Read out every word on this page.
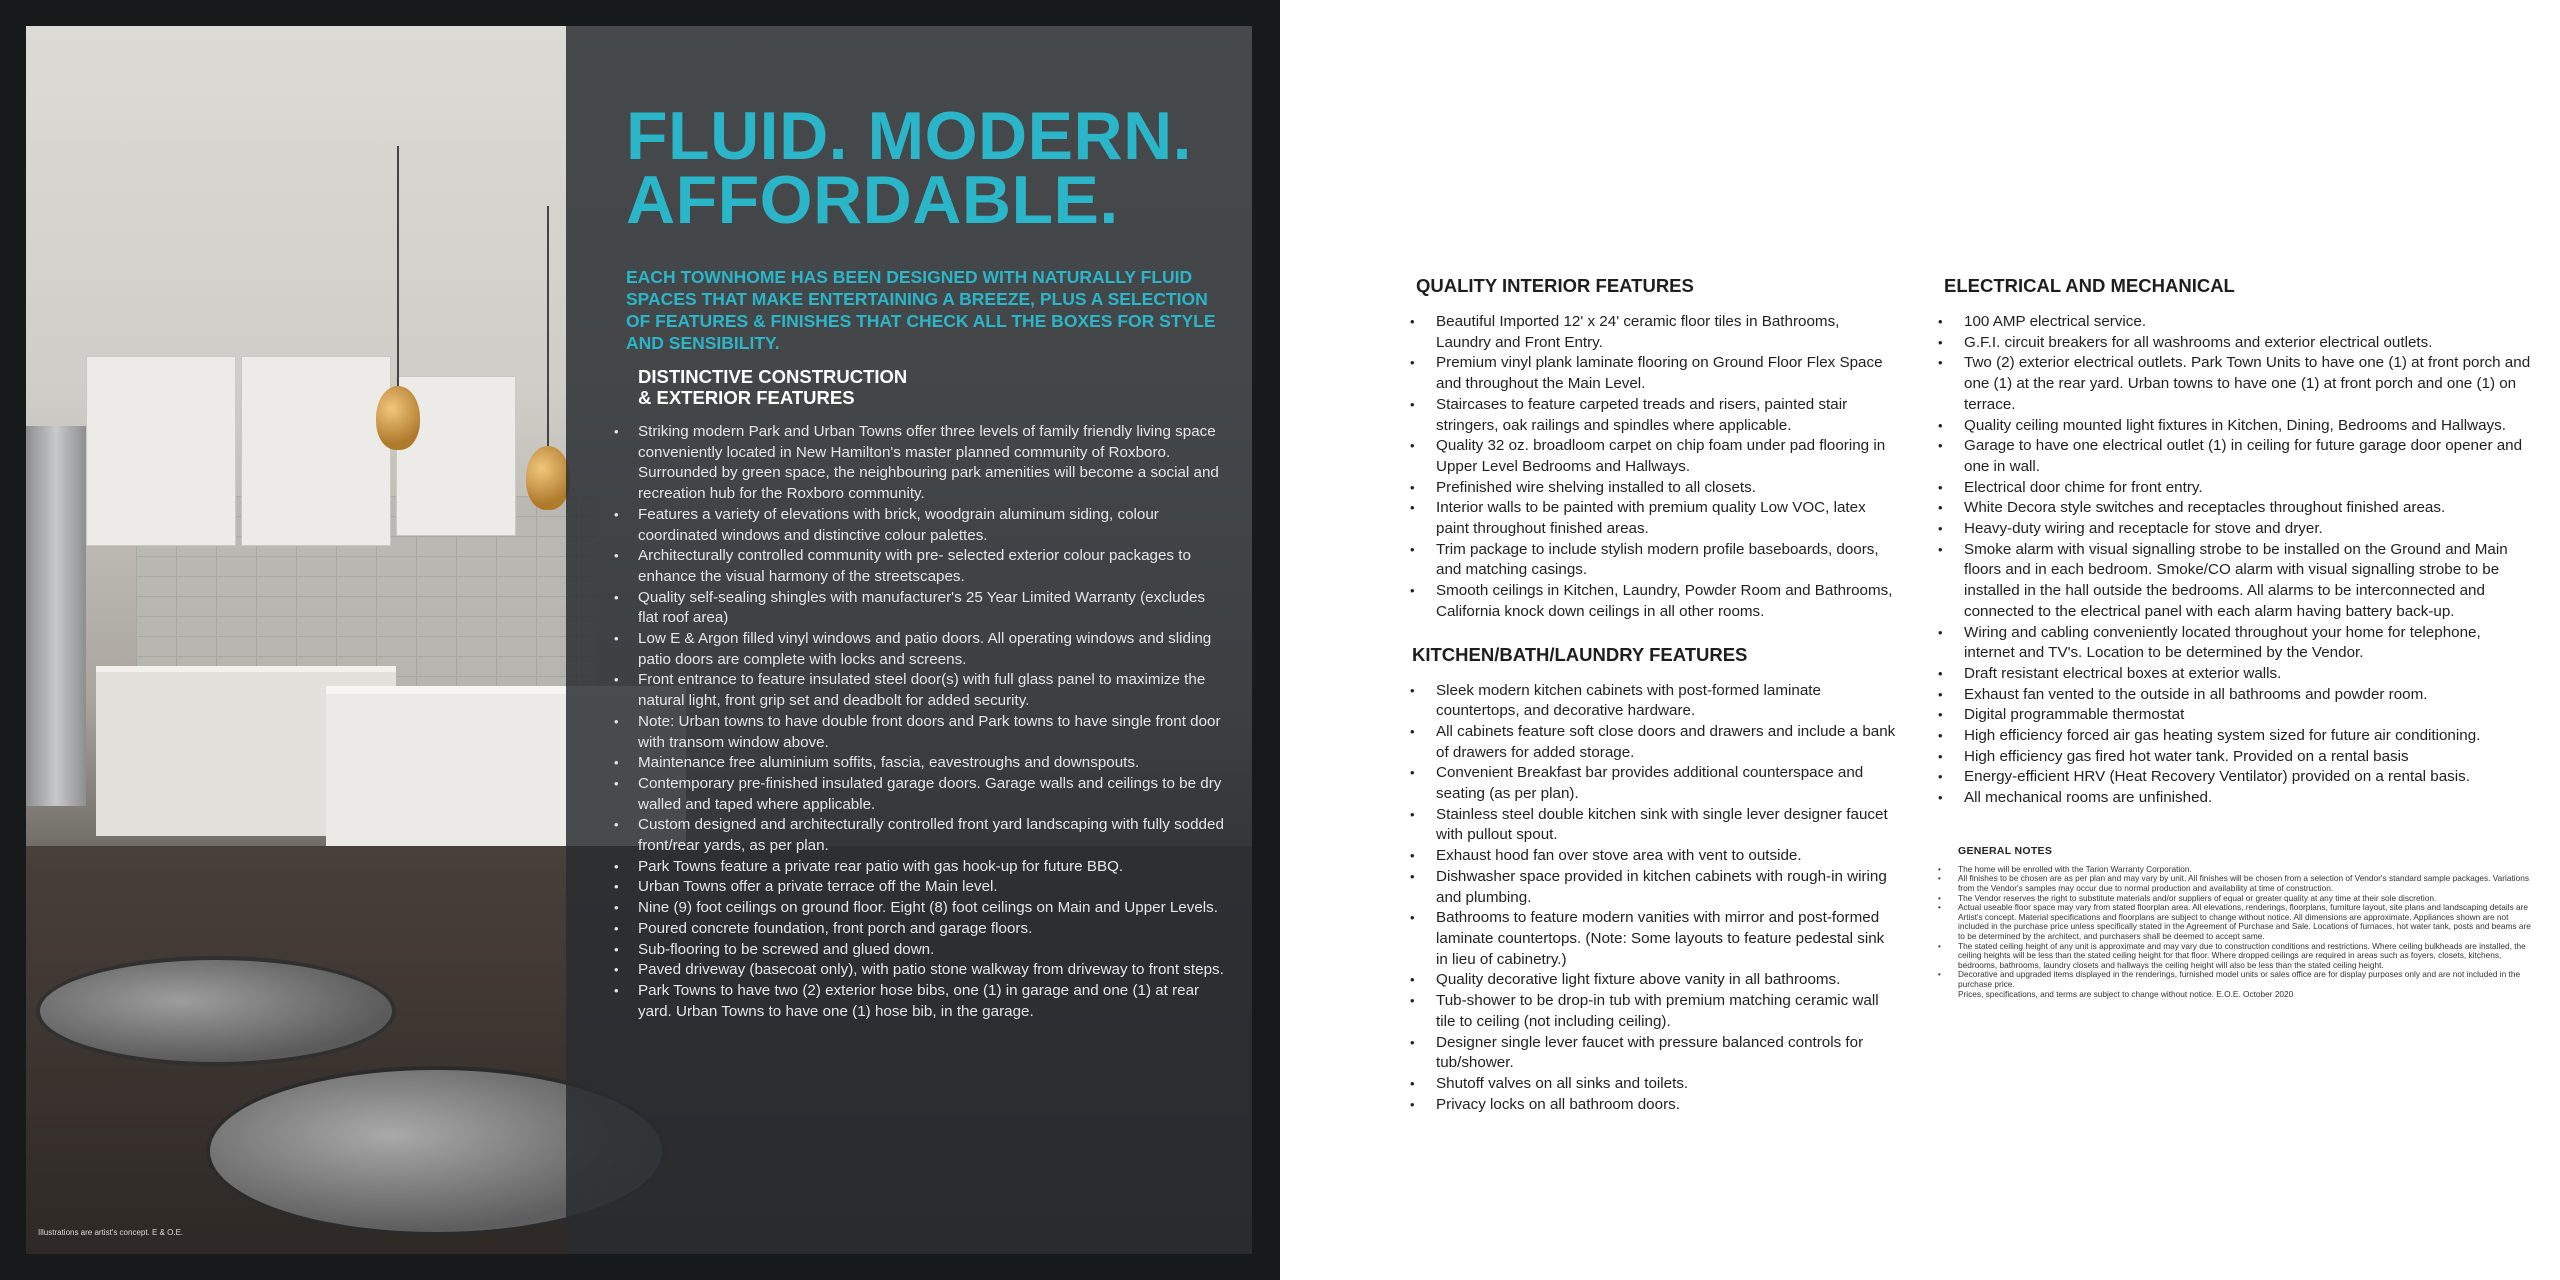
Illustrations are artist's concept. E & O.E.
FLUID. MODERN.
AFFORDABLE.
EACH TOWNHOME HAS BEEN DESIGNED WITH NATURALLY FLUID SPACES THAT MAKE ENTERTAINING A BREEZE, PLUS A SELECTION OF FEATURES & FINISHES THAT CHECK ALL THE BOXES FOR STYLE AND SENSIBILITY.
DISTINCTIVE CONSTRUCTION
& EXTERIOR FEATURES
• Striking modern Park and Urban Towns offer three levels of family friendly living space conveniently located in New Hamilton's master planned community of Roxboro. Surrounded by green space, the neighbouring park amenities will become a social and recreation hub for the Roxboro community.
• Features a variety of elevations with brick, woodgrain aluminum siding, colour coordinated windows and distinctive colour palettes.
• Architecturally controlled community with pre- selected exterior colour packages to enhance the visual harmony of the streetscapes.
• Quality self-sealing shingles with manufacturer's 25 Year Limited Warranty (excludes flat roof area)
• Low E & Argon filled vinyl windows and patio doors. All operating windows and sliding patio doors are complete with locks and screens.
• Front entrance to feature insulated steel door(s) with full glass panel to maximize the natural light, front grip set and deadbolt for added security.
• Note: Urban towns to have double front doors and Park towns to have single front door with transom window above.
• Maintenance free aluminium soffits, fascia, eavestroughs and downspouts.
• Contemporary pre-finished insulated garage doors. Garage walls and ceilings to be dry walled and taped where applicable.
• Custom designed and architecturally controlled front yard landscaping with fully sodded front/rear yards, as per plan.
• Park Towns feature a private rear patio with gas hook-up for future BBQ.
• Urban Towns offer a private terrace off the Main level.
• Nine (9) foot ceilings on ground floor. Eight (8) foot ceilings on Main and Upper Levels.
• Poured concrete foundation, front porch and garage floors.
• Sub-flooring to be screwed and glued down.
• Paved driveway (basecoat only), with patio stone walkway from driveway to front steps.
• Park Towns to have two (2) exterior hose bibs, one (1) in garage and one (1) at rear yard. Urban Towns to have one (1) hose bib, in the garage.
QUALITY INTERIOR FEATURES
• Beautiful Imported 12' x 24' ceramic floor tiles in Bathrooms, Laundry and Front Entry.
• Premium vinyl plank laminate flooring on Ground Floor Flex Space and throughout the Main Level.
• Staircases to feature carpeted treads and risers, painted stair stringers, oak railings and spindles where applicable.
• Quality 32 oz. broadloom carpet on chip foam under pad flooring in Upper Level Bedrooms and Hallways.
• Prefinished wire shelving installed to all closets.
• Interior walls to be painted with premium quality Low VOC, latex paint throughout finished areas.
• Trim package to include stylish modern profile baseboards, doors, and matching casings.
• Smooth ceilings in Kitchen, Laundry, Powder Room and Bathrooms, California knock down ceilings in all other rooms.
KITCHEN/BATH/LAUNDRY FEATURES
• Sleek modern kitchen cabinets with post-formed laminate countertops, and decorative hardware.
• All cabinets feature soft close doors and drawers and include a bank of drawers for added storage.
• Convenient Breakfast bar provides additional counterspace and seating (as per plan).
• Stainless steel double kitchen sink with single lever designer faucet with pullout spout.
• Exhaust hood fan over stove area with vent to outside.
• Dishwasher space provided in kitchen cabinets with rough-in wiring and plumbing.
• Bathrooms to feature modern vanities with mirror and post-formed laminate countertops. (Note: Some layouts to feature pedestal sink in lieu of cabinetry.)
• Quality decorative light fixture above vanity in all bathrooms.
• Tub-shower to be drop-in tub with premium matching ceramic wall tile to ceiling (not including ceiling).
• Designer single lever faucet with pressure balanced controls for tub/shower.
• Shutoff valves on all sinks and toilets.
• Privacy locks on all bathroom doors.
ELECTRICAL AND MECHANICAL
• 100 AMP electrical service.
• G.F.I. circuit breakers for all washrooms and exterior electrical outlets.
• Two (2) exterior electrical outlets. Park Town Units to have one (1) at front porch and one (1) at the rear yard. Urban towns to have one (1) at front porch and one (1) on terrace.
• Quality ceiling mounted light fixtures in Kitchen, Dining, Bedrooms and Hallways.
• Garage to have one electrical outlet (1) in ceiling for future garage door opener and one in wall.
• Electrical door chime for front entry.
• White Decora style switches and receptacles throughout finished areas.
• Heavy-duty wiring and receptacle for stove and dryer.
• Smoke alarm with visual signalling strobe to be installed on the Ground and Main floors and in each bedroom. Smoke/CO alarm with visual signalling strobe to be installed in the hall outside the bedrooms. All alarms to be interconnected and connected to the electrical panel with each alarm having battery back-up.
• Wiring and cabling conveniently located throughout your home for telephone, internet and TV's. Location to be determined by the Vendor.
• Draft resistant electrical boxes at exterior walls.
• Exhaust fan vented to the outside in all bathrooms and powder room.
• Digital programmable thermostat
• High efficiency forced air gas heating system sized for future air conditioning.
• High efficiency gas fired hot water tank. Provided on a rental basis
• Energy-efficient HRV (Heat Recovery Ventilator) provided on a rental basis.
• All mechanical rooms are unfinished.
GENERAL NOTES
• The home will be enrolled with the Tarion Warranty Corporation.
• All finishes to be chosen are as per plan and may vary by unit. All finishes will be chosen from a selection of Vendor's standard sample packages. Variations from the Vendor's samples may occur due to normal production and availability at time of construction.
• The Vendor reserves the right to substitute materials and/or suppliers of equal or greater quality at any time at their sole discretion.
• Actual useable floor space may vary from stated floorplan area. All elevations, renderings, floorplans, furniture layout, site plans and landscaping details are Artist's concept. Material specifications and floorplans are subject to change without notice. All dimensions are approximate. Appliances shown are not included in the purchase price unless specifically stated in the Agreement of Purchase and Sale. Locations of furnaces, hot water tank, posts and beams are to be determined by the architect, and purchasers shall be deemed to accept same.
• The stated ceiling height of any unit is approximate and may vary due to construction conditions and restrictions. Where ceiling bulkheads are installed, the ceiling heights will be less than the stated ceiling height for that floor. Where dropped ceilings are required in areas such as foyers, closets, kitchens, bedrooms, bathrooms, laundry closets and hallways the ceiling height will also be less than the stated ceiling height.
• Decorative and upgraded items displayed in the renderings, furnished model units or sales office are for display purposes only and are not included in the purchase price.
Prices, specifications, and terms are subject to change without notice. E.O.E. October 2020
